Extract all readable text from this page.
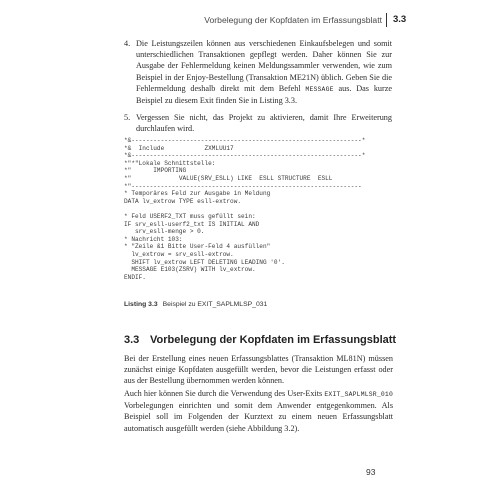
Vorbelegung der Kopfdaten im Erfassungsblatt 3.3
4. Die Leistungszeilen können aus verschiedenen Einkaufsbelegen und somit unterschiedlichen Transaktionen gepflegt werden. Daher können Sie zur Ausgabe der Fehlermeldung keinen Meldungssammler verwenden, wie zum Beispiel in der Enjoy-Bestellung (Transaktion ME21N) üblich. Geben Sie die Fehlermeldung deshalb direkt mit dem Befehl MESSAGE aus. Das kurze Beispiel zu diesem Exit finden Sie in Listing 3.3.
5. Vergessen Sie nicht, das Projekt zu aktivieren, damit Ihre Erweiterung durchlaufen wird.
*&---------------------------------------------------------------*
*&  Include           ZXMLUU17
*&---------------------------------------------------------------*
*"*"Lokale Schnittstelle:
*"      IMPORTING
*"             VALUE(SRV_ESLL) LIKE  ESLL STRUCTURE  ESLL
*"---------------------------------------------------------------
* Temporäres Feld zur Ausgabe in Meldung
DATA lv_extrow TYPE esll-extrow.

* Feld USERF2_TXT muss gefüllt sein:
IF srv_esll-userf2_txt IS INITIAL AND
srv_esll-menge > 0.
* Nachricht 103:
* "Zeile &1 Bitte User-Feld 4 ausfüllen"
lv_extrow = srv_esll-extrow.
SHIFT lv_extrow LEFT DELETING LEADING '0'.
MESSAGE E103(ZSRV) WITH lv_extrow.
ENDIF.
Listing 3.3 Beispiel zu EXIT_SAPLMLSP_031
3.3 Vorbelegung der Kopfdaten im Erfassungsblatt

Bei der Erstellung eines neuen Erfassungsblattes (Transaktion ML81N) müssen zunächst einige Kopfdaten ausgefüllt werden, bevor die Leistungen erfasst oder aus der Bestellung übernommen werden können.

Auch hier können Sie durch die Verwendung des User-Exits EXIT_SAPLMLSR_010 Vorbelegungen einrichten und somit dem Anwender entgegenkommen. Als Beispiel soll im Folgenden der Kurztext zu einem neuen Erfassungsblatt automatisch ausgefüllt werden (siehe Abbildung 3.2).

93
